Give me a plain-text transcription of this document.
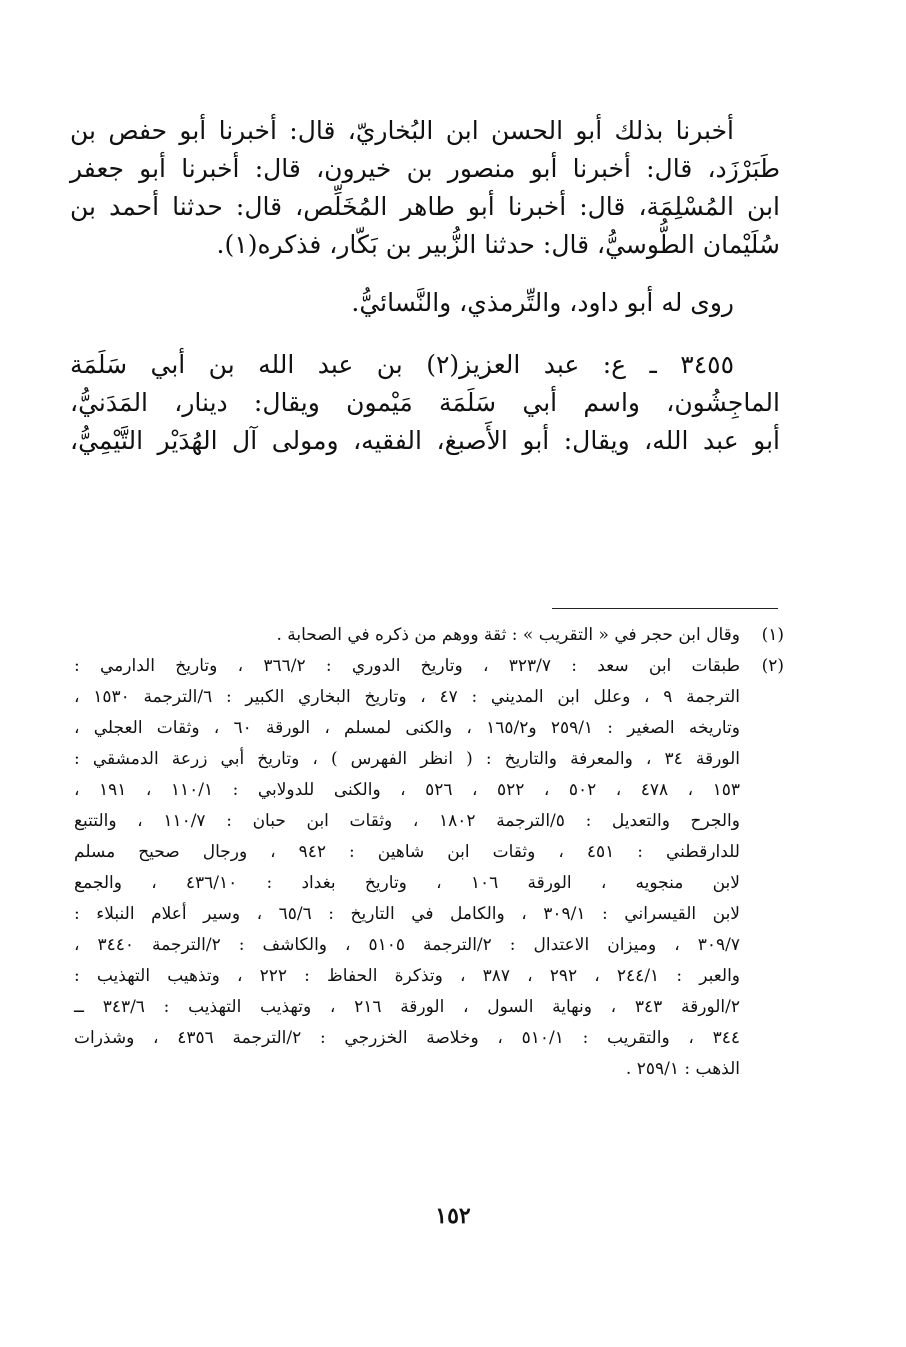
أخبرنا بذلك أبو الحسن ابن البُخاريّ، قال: أخبرنا أبو حفص بن
طَبَرْزَد، قال: أخبرنا أبو منصور بن خيرون، قال: أخبرنا أبو جعفر
ابن المُسْلِمَة، قال: أخبرنا أبو طاهر المُخَلِّص، قال: حدثنا أحمد بن
سُلَيْمان الطُّوسيُّ، قال: حدثنا الزُّبير بن بَكّار، فذكره(١).
روى له أبو داود، والتِّرمذي، والنَّسائيُّ.
٣٤٥٥ ـ ع: عبد العزيز(٢) بن عبد الله بن أبي سَلَمَة
الماجِشُون، واسم أبي سَلَمَة مَيْمون ويقال: دينار، المَدَنيُّ،
أبو عبد الله، ويقال: أبو الأَصبغ، الفقيه، ومولى آل الهُدَيْر التَّيْمِيُّ،
(١)
وقال ابن حجر في « التقريب » : ثقة ووهم من ذكره في الصحابة .
(٢)
طبقات ابن سعد : ٣٢٣/٧ ، وتاريخ الدوري : ٣٦٦/٢ ، وتاريخ الدارمي :
الترجمة ٩ ، وعلل ابن المديني : ٤٧ ، وتاريخ البخاري الكبير : ٦/الترجمة ١٥٣٠ ،
وتاريخه الصغير : ٢٥٩/١ و١٦٥/٢ ، والكنى لمسلم ، الورقة ٦٠ ، وثقات العجلي ،
الورقة ٣٤ ، والمعرفة والتاريخ : ( انظر الفهرس ) ، وتاريخ أبي زرعة الدمشقي :
١٥٣ ، ٤٧٨ ، ٥٠٢ ، ٥٢٢ ، ٥٢٦ ، والكنى للدولابي : ١١٠/١ ، ١٩١ ،
والجرح والتعديل : ٥/الترجمة ١٨٠٢ ، وثقات ابن حبان : ١١٠/٧ ، والتتبع
للدارقطني : ٤٥١ ، وثقات ابن شاهين : ٩٤٢ ، ورجال صحيح مسلم
لابن منجويه ، الورقة ١٠٦ ، وتاريخ بغداد : ٤٣٦/١٠ ، والجمع
لابن القيسراني : ٣٠٩/١ ، والكامل في التاريخ : ٦٥/٦ ، وسير أعلام النبلاء :
٣٠٩/٧ ، وميزان الاعتدال : ٢/الترجمة ٥١٠٥ ، والكاشف : ٢/الترجمة ٣٤٤٠ ،
والعبر : ٢٤٤/١ ، ٢٩٢ ، ٣٨٧ ، وتذكرة الحفاظ : ٢٢٢ ، وتذهيب التهذيب :
٢/الورقة ٣٤٣ ، ونهاية السول ، الورقة ٢١٦ ، وتهذيب التهذيب : ٣٤٣/٦ ــ
٣٤٤ ، والتقريب : ٥١٠/١ ، وخلاصة الخزرجي : ٢/الترجمة ٤٣٥٦ ، وشذرات
الذهب : ٢٥٩/١ .
١٥٢
